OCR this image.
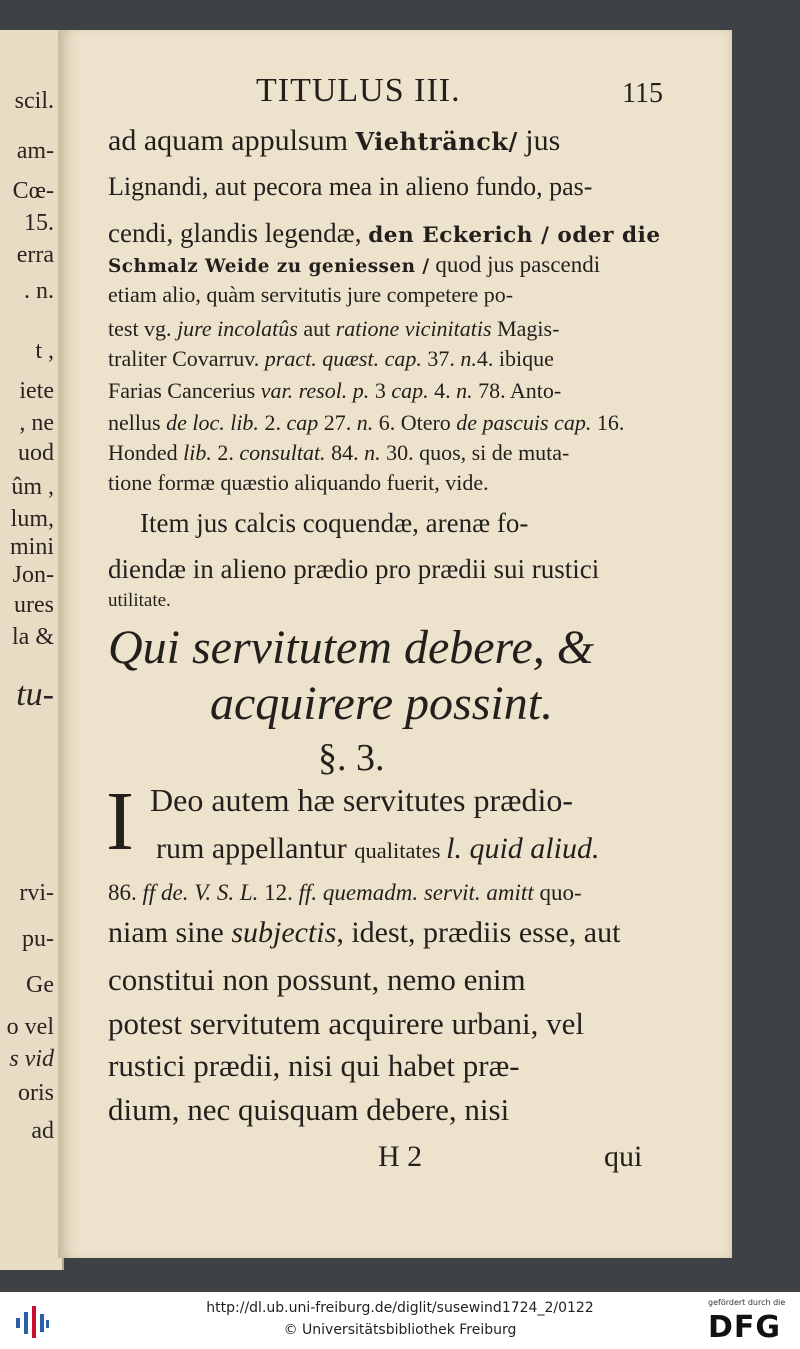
scil.
am-
Cœ-
15.
erra
. n.
t ,
iete
, ne
uod
ûm ,
lum,
mini
Jon-
ures
la &
tu-
rvi-
pu-
Ge
o vel
s vid
oris
ad
TITULUS III.	115
ad aquam appulsum Viehtränck/ jus
Lignandi, aut pecora mea in alieno fundo, pas-
cendi, glandis legendæ, den Eckerich / oder die
Schmalz Weide zu geniessen / quod jus pascendi
etiam alio, quàm servitutis jure competere po-
test vg. jure incolatûs aut ratione vicinitatis Magis-
traliter Covarruv. pract. quæst. cap. 37. n.4. ibique
Farias Cancerius var. resol. p. 3 cap. 4. n. 78. Anto-
nellus de loc. lib. 2. cap 27. n. 6. Otero de pascuis cap. 16.
Honded lib. 2. consultat. 84. n. 30. quos, si de muta-
tione formæ quæstio aliquando fuerit, vide.
Item jus calcis coquendæ, arenæ fo-
diendæ in alieno prædio pro prædii sui rustici
utilitate.
Qui servitutem debere, &
acquirere possint.
§. 3.
I Deo autem hæ servitutes prædio-
rum appellantur qualitates l. quid aliud.
86. ff de. V. S. L. 12. ff. quemadm. servit. amitt quo-
niam sine subjectis, idest, prædiis esse, aut
constitui non possunt, nemo enim
potest servitutem acquirere urbani, vel
rustici prædii, nisi qui habet præ-
dium, nec quisquam debere, nisi
H 2	qui
http://dl.ub.uni-freiburg.de/diglit/susewind1724_2/0122
© Universitätsbibliothek Freiburg
gefördert durch die
DFG
